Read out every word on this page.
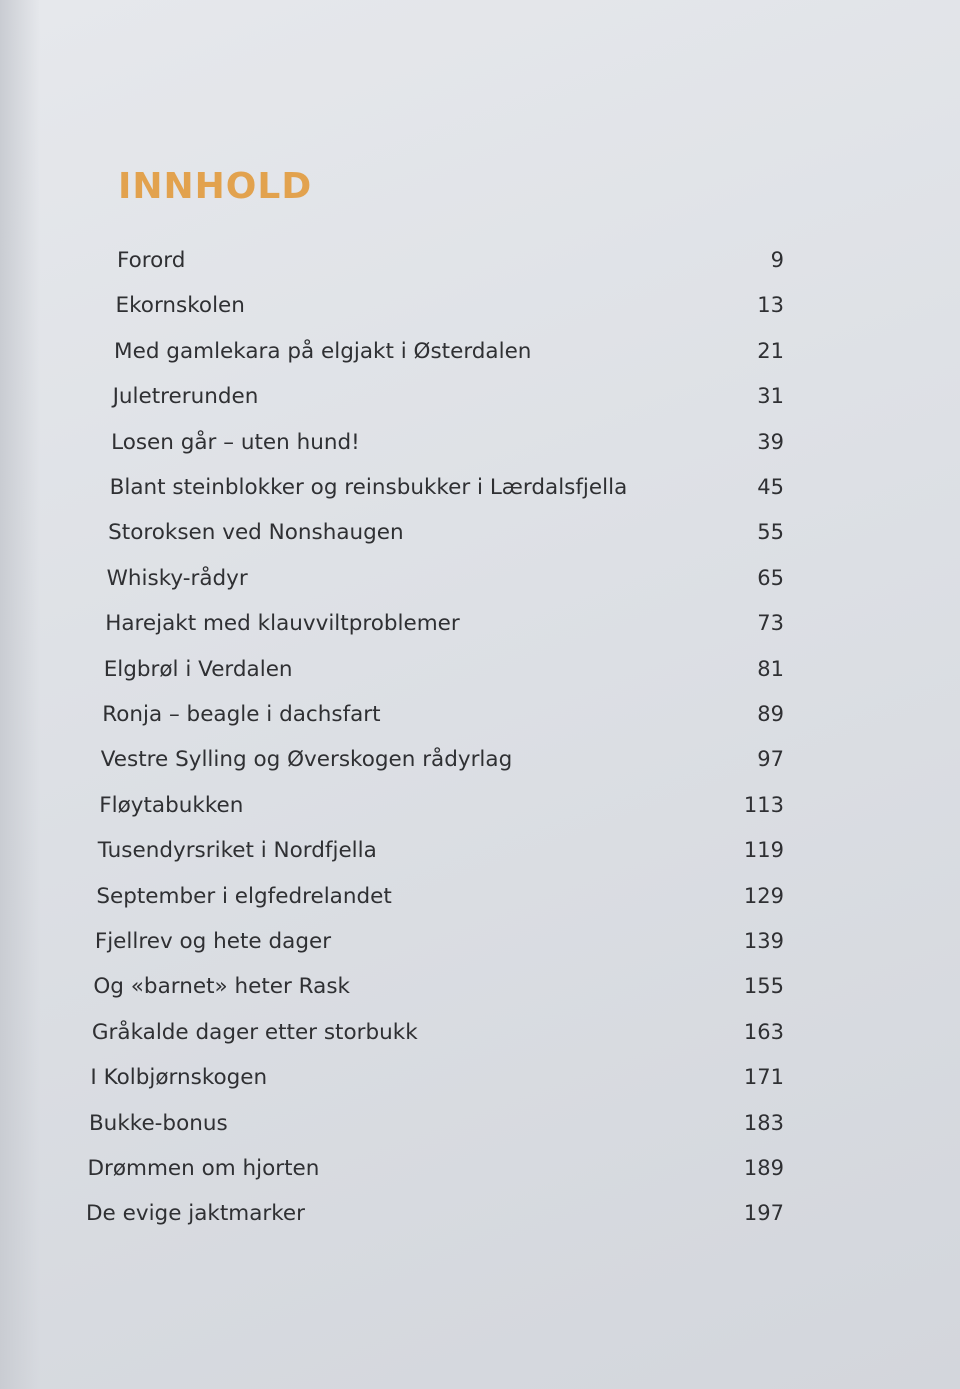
INNHOLD
Forord	9
Ekornskolen	13
Med gamlekara på elgjakt i Østerdalen	21
Juletrerunden	31
Losen går – uten hund!	39
Blant steinblokker og reinsbukker i Lærdalsfjella	45
Storoksen ved Nonshaugen	55
Whisky-rådyr	65
Harejakt med klauvviltproblemer	73
Elgbrøl i Verdalen	81
Ronja – beagle i dachsfart	89
Vestre Sylling og Øverskogen rådyrlag	97
Fløytabukken	113
Tusendyrsriket i Nordfjella	119
September i elgfedrelandet	129
Fjellrev og hete dager	139
Og «barnet» heter Rask	155
Gråkalde dager etter storbukk	163
I Kolbjørnskogen	171
Bukke-bonus	183
Drømmen om hjorten	189
De evige jaktmarker	197
